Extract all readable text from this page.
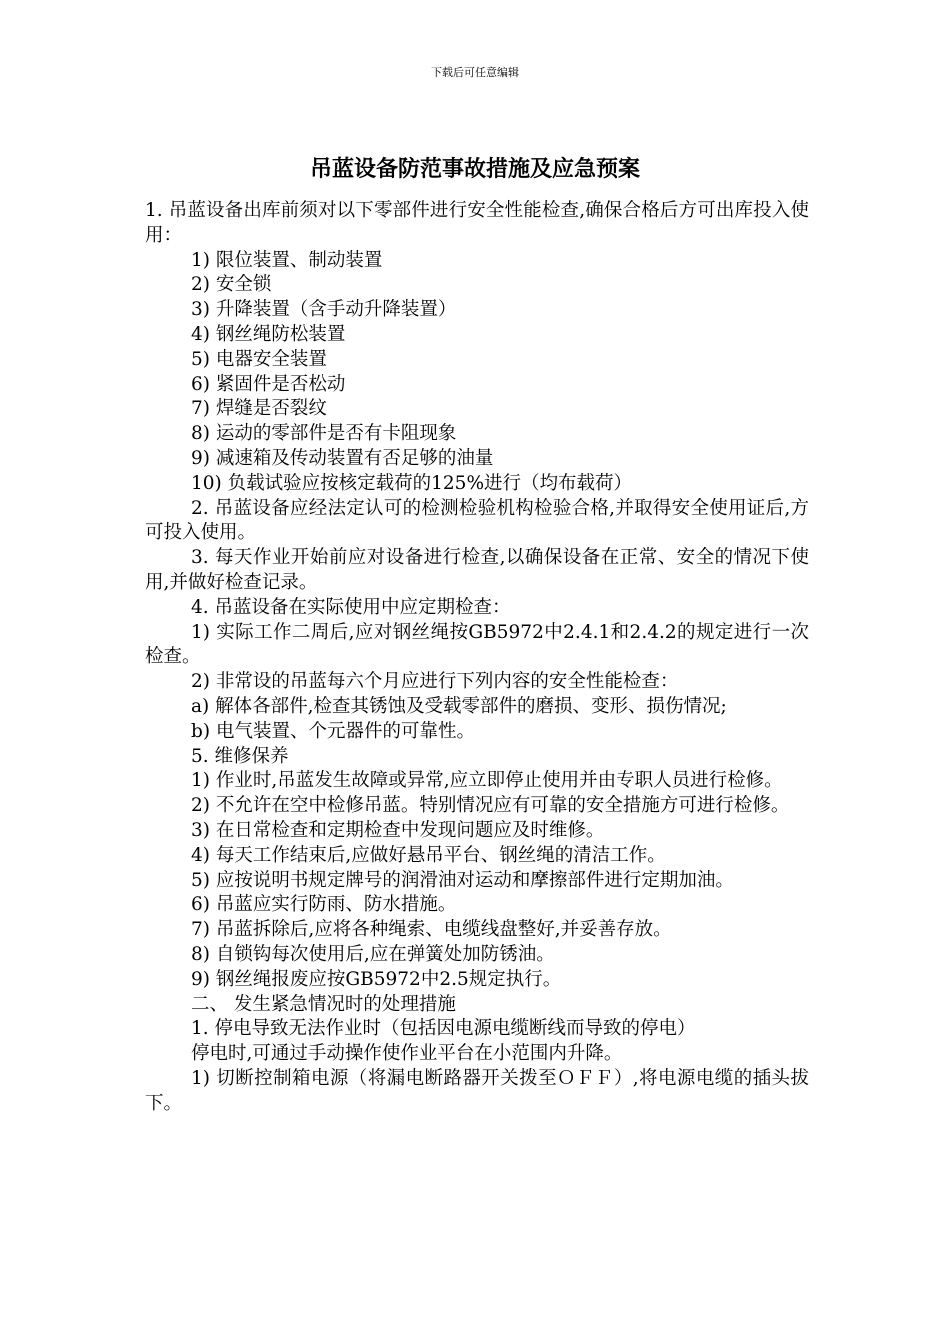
下载后可任意编辑
吊蓝设备防范事故措施及应急预案

1. 吊蓝设备出库前须对以下零部件进行安全性能检查,确保合格后方可出库投入使用：

1) 限位装置、制动装置

2) 安全锁

3) 升降装置（含手动升降装置）

4) 钢丝绳防松装置

5) 电器安全装置

6) 紧固件是否松动

7) 焊缝是否裂纹

8) 运动的零部件是否有卡阻现象

9) 减速箱及传动装置有否足够的油量

10) 负载试验应按核定载荷的125%进行（均布载荷）

2. 吊蓝设备应经法定认可的检测检验机构检验合格,并取得安全使用证后,方可投入使用。

3. 每天作业开始前应对设备进行检查,以确保设备在正常、安全的情况下使用,并做好检查记录。

4. 吊蓝设备在实际使用中应定期检查：

1) 实际工作二周后,应对钢丝绳按GB5972中2.4.1和2.4.2的规定进行一次检查。

2) 非常设的吊蓝每六个月应进行下列内容的安全性能检查：

a) 解体各部件,检查其锈蚀及受载零部件的磨损、变形、损伤情况;

b) 电气装置、个元器件的可靠性。

5. 维修保养

1) 作业时,吊蓝发生故障或异常,应立即停止使用并由专职人员进行检修。

2) 不允许在空中检修吊蓝。特别情况应有可靠的安全措施方可进行检修。

3) 在日常检查和定期检查中发现问题应及时维修。

4) 每天工作结束后,应做好悬吊平台、钢丝绳的清洁工作。

5) 应按说明书规定牌号的润滑油对运动和摩擦部件进行定期加油。

6) 吊蓝应实行防雨、防水措施。

7) 吊蓝拆除后,应将各种绳索、电缆线盘整好,并妥善存放。

8) 自锁钩每次使用后,应在弹簧处加防锈油。

9) 钢丝绳报废应按GB5972中2.5规定执行。

二、 发生紧急情况时的处理措施

1. 停电导致无法作业时（包括因电源电缆断线而导致的停电）

停电时,可通过手动操作使作业平台在小范围内升降。

1) 切断控制箱电源（将漏电断路器开关拨至ＯＦＦ）,将电源电缆的插头拔下。
